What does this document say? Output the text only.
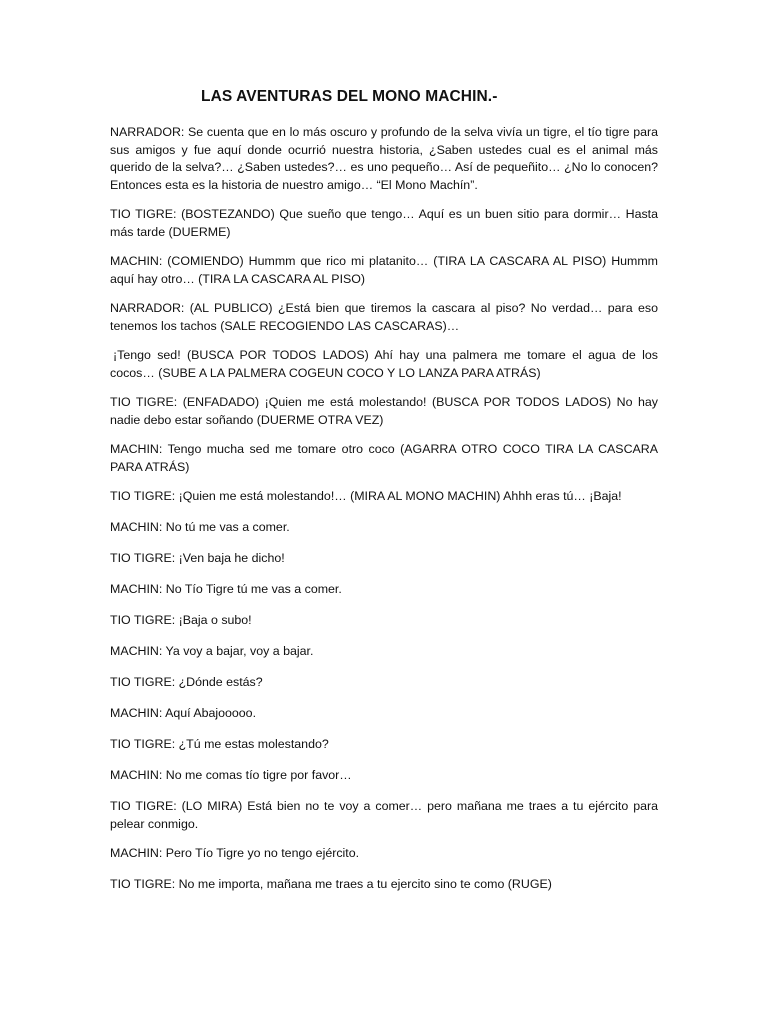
LAS AVENTURAS DEL MONO MACHIN.-

NARRADOR: Se cuenta que en lo más oscuro y profundo de la selva vivía un tigre, el tío tigre para sus amigos y fue aquí donde ocurrió nuestra historia, ¿Saben ustedes cual es el animal más querido de la selva?… ¿Saben ustedes?… es uno pequeño… Así de pequeñito… ¿No lo conocen? Entonces esta es la historia de nuestro amigo… “El Mono Machín”.

TIO TIGRE: (BOSTEZANDO) Que sueño que tengo… Aquí es un buen sitio para dormir… Hasta más tarde (DUERME)

MACHIN: (COMIENDO) Hummm que rico mi platanito… (TIRA LA CASCARA AL PISO) Hummm aquí hay otro… (TIRA LA CASCARA AL PISO)

NARRADOR: (AL PUBLICO) ¿Está bien que tiremos la cascara al piso? No verdad… para eso tenemos los tachos (SALE RECOGIENDO LAS CASCARAS)…

¡Tengo sed! (BUSCA POR TODOS LADOS) Ahí hay una palmera me tomare el agua de los cocos… (SUBE A LA PALMERA COGEUN COCO Y LO LANZA PARA ATRÁS)

TIO TIGRE: (ENFADADO) ¡Quien me está molestando! (BUSCA POR TODOS LADOS) No hay nadie debo estar soñando (DUERME OTRA VEZ)

MACHIN: Tengo mucha sed me tomare otro coco (AGARRA OTRO COCO TIRA LA CASCARA PARA ATRÁS)

TIO TIGRE: ¡Quien me está molestando!… (MIRA AL MONO MACHIN) Ahhh eras tú… ¡Baja!

MACHIN: No tú me vas a comer.

TIO TIGRE: ¡Ven baja he dicho!

MACHIN: No Tío Tigre tú me vas a comer.

TIO TIGRE: ¡Baja o subo!

MACHIN: Ya voy a bajar, voy a bajar.

TIO TIGRE: ¿Dónde estás?

MACHIN: Aquí Abajooooo.

TIO TIGRE: ¿Tú me estas molestando?

MACHIN: No me comas tío tigre por favor…

TIO TIGRE: (LO MIRA) Está bien no te voy a comer… pero mañana me traes a tu ejército para pelear conmigo.

MACHIN: Pero Tío Tigre yo no tengo ejército.

TIO TIGRE: No me importa, mañana me traes a tu ejercito sino te como (RUGE)
